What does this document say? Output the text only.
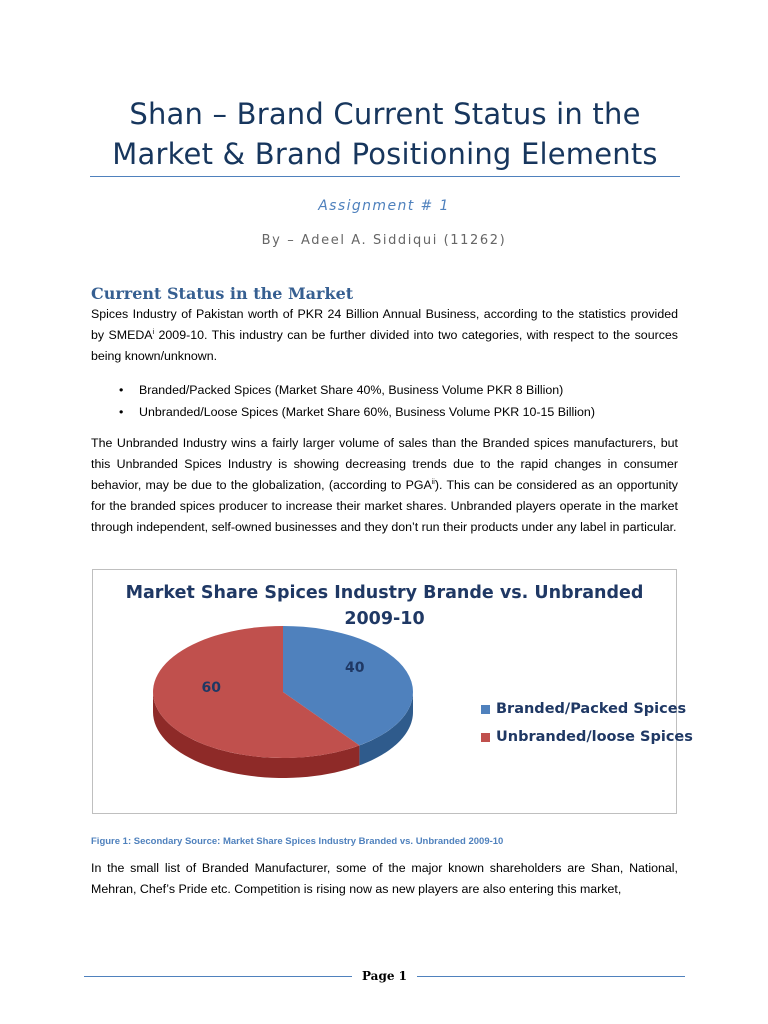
Shan – Brand Current Status in the
Market & Brand Positioning Elements
Assignment # 1
By – Adeel A. Siddiqui (11262)
Current Status in the Market
Spices Industry of Pakistan worth of PKR 24 Billion Annual Business, according to the statistics provided by SMEDA$^i$ 2009-10. This industry can be further divided into two categories, with respect to the sources being known/unknown.
• Branded/Packed Spices (Market Share 40%, Business Volume PKR 8 Billion)
• Unbranded/Loose Spices (Market Share 60%, Business Volume PKR 10-15 Billion)
The Unbranded Industry wins a fairly larger volume of sales than the Branded spices manufacturers, but this Unbranded Spices Industry is showing decreasing trends due to the rapid changes in consumer behavior, may be due to the globalization, (according to PGA$^{ii}$). This can be considered as an opportunity for the branded spices producer to increase their market shares. Unbranded players operate in the market through independent, self-owned businesses and they don’t run their products under any label in particular.
Market Share Spices Industry Brande vs. Unbranded
2009-10
40
60
Branded/Packed Spices
Unbranded/loose Spices
Figure 1: Secondary Source: Market Share Spices Industry Branded vs. Unbranded 2009-10
In the small list of Branded Manufacturer, some of the major known shareholders are Shan, National, Mehran, Chef’s Pride etc. Competition is rising now as new players are also entering this market,
Page 1
